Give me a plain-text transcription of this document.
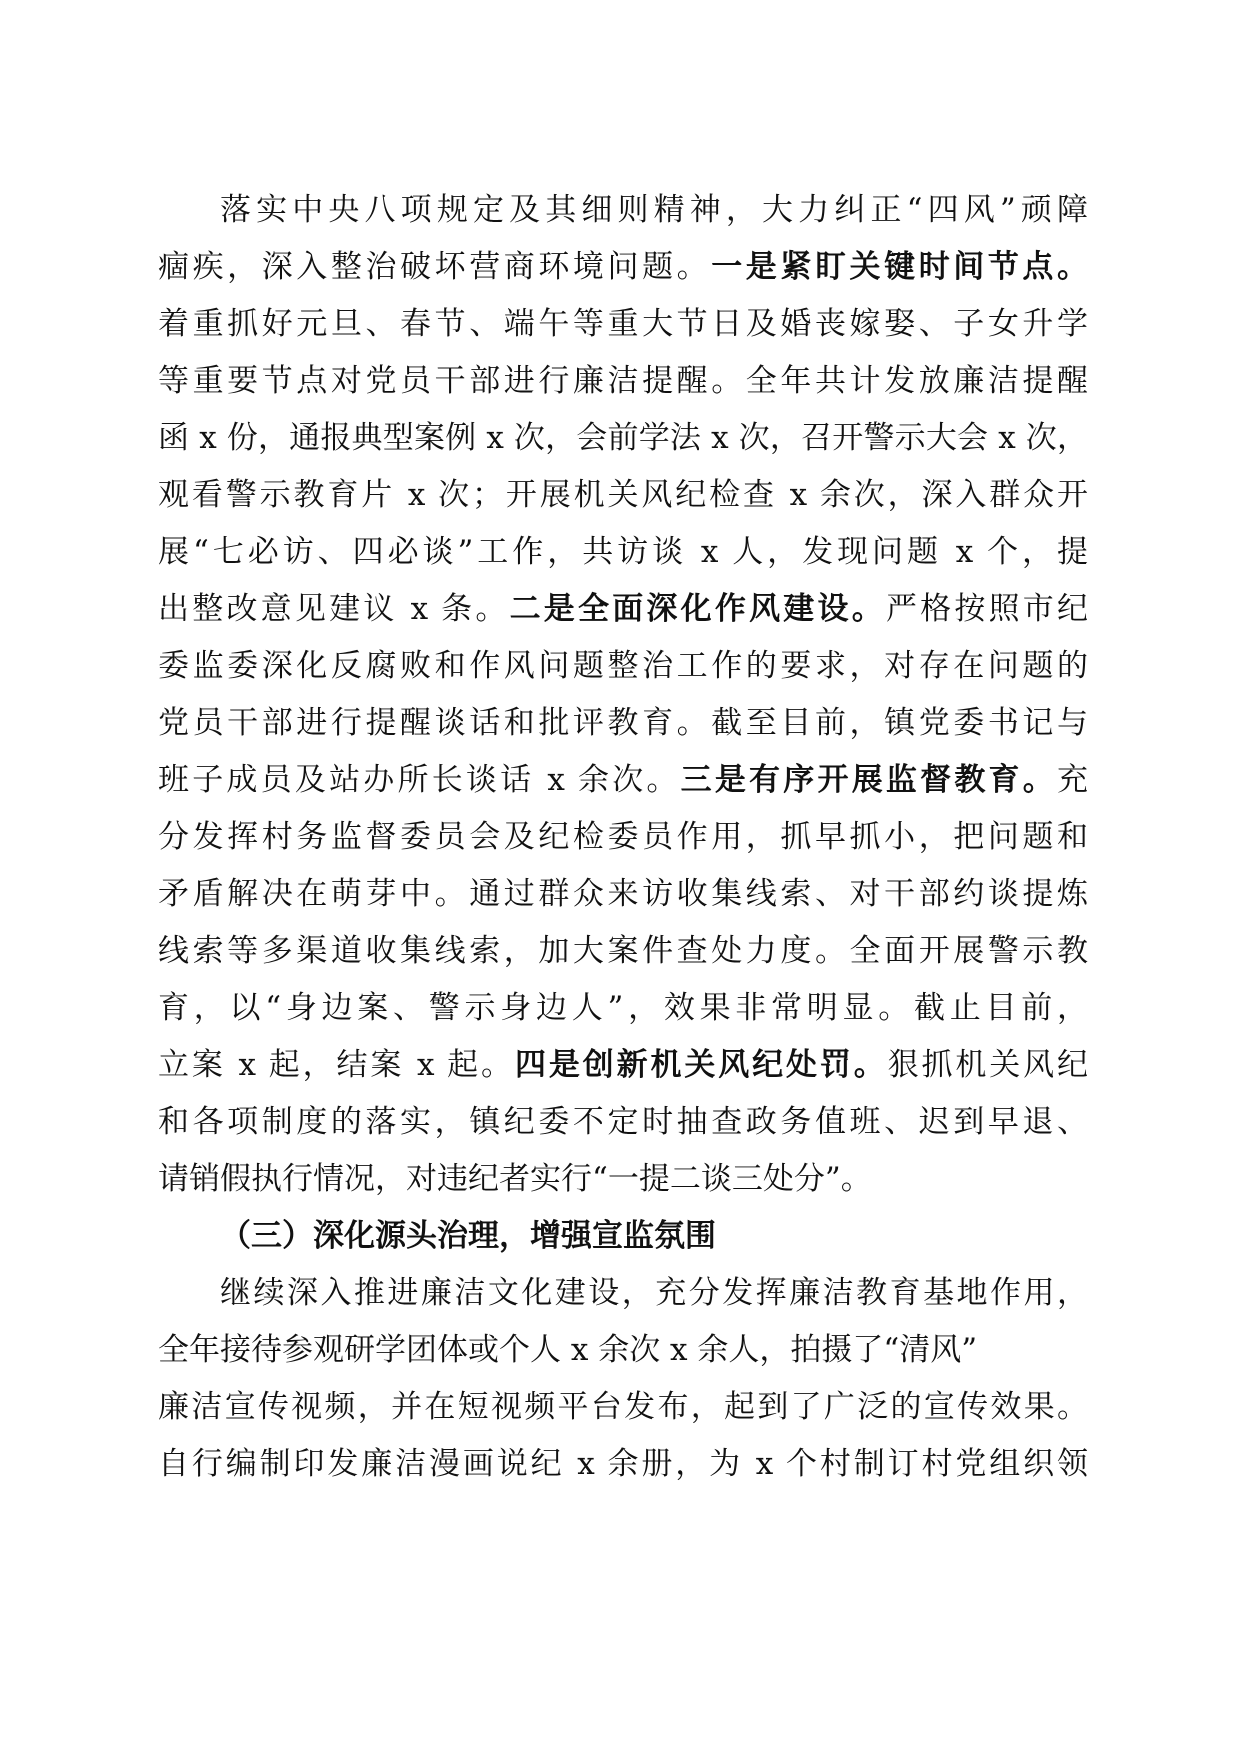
落实中央八项规定及其细则精神，大力纠正“四风”顽障
痼疾，深入整治破坏营商环境问题。一是紧盯关键时间节点。
着重抓好元旦、春节、端午等重大节日及婚丧嫁娶、子女升学
等重要节点对党员干部进行廉洁提醒。全年共计发放廉洁提醒
函 x 份，通报典型案例 x 次，会前学法 x 次，召开警示大会 x 次，
观看警示教育片 x 次；开展机关风纪检查 x 余次，深入群众开
展“七必访、四必谈”工作，共访谈 x 人，发现问题 x 个，提
出整改意见建议 x 条。二是全面深化作风建设。严格按照市纪
委监委深化反腐败和作风问题整治工作的要求，对存在问题的
党员干部进行提醒谈话和批评教育。截至目前，镇党委书记与
班子成员及站办所长谈话 x 余次。三是有序开展监督教育。充
分发挥村务监督委员会及纪检委员作用，抓早抓小，把问题和
矛盾解决在萌芽中。通过群众来访收集线索、对干部约谈提炼
线索等多渠道收集线索，加大案件查处力度。全面开展警示教
育，以“身边案、警示身边人”，效果非常明显。截止目前，
立案 x 起，结案 x 起。四是创新机关风纪处罚。狠抓机关风纪
和各项制度的落实，镇纪委不定时抽查政务值班、迟到早退、
请销假执行情况，对违纪者实行“一提二谈三处分”。
（三）深化源头治理，增强宣监氛围
继续深入推进廉洁文化建设，充分发挥廉洁教育基地作用，
全年接待参观研学团体或个人 x 余次 x 余人，拍摄了“清风”
廉洁宣传视频，并在短视频平台发布，起到了广泛的宣传效果。
自行编制印发廉洁漫画说纪 x 余册，为 x 个村制订村党组织领
